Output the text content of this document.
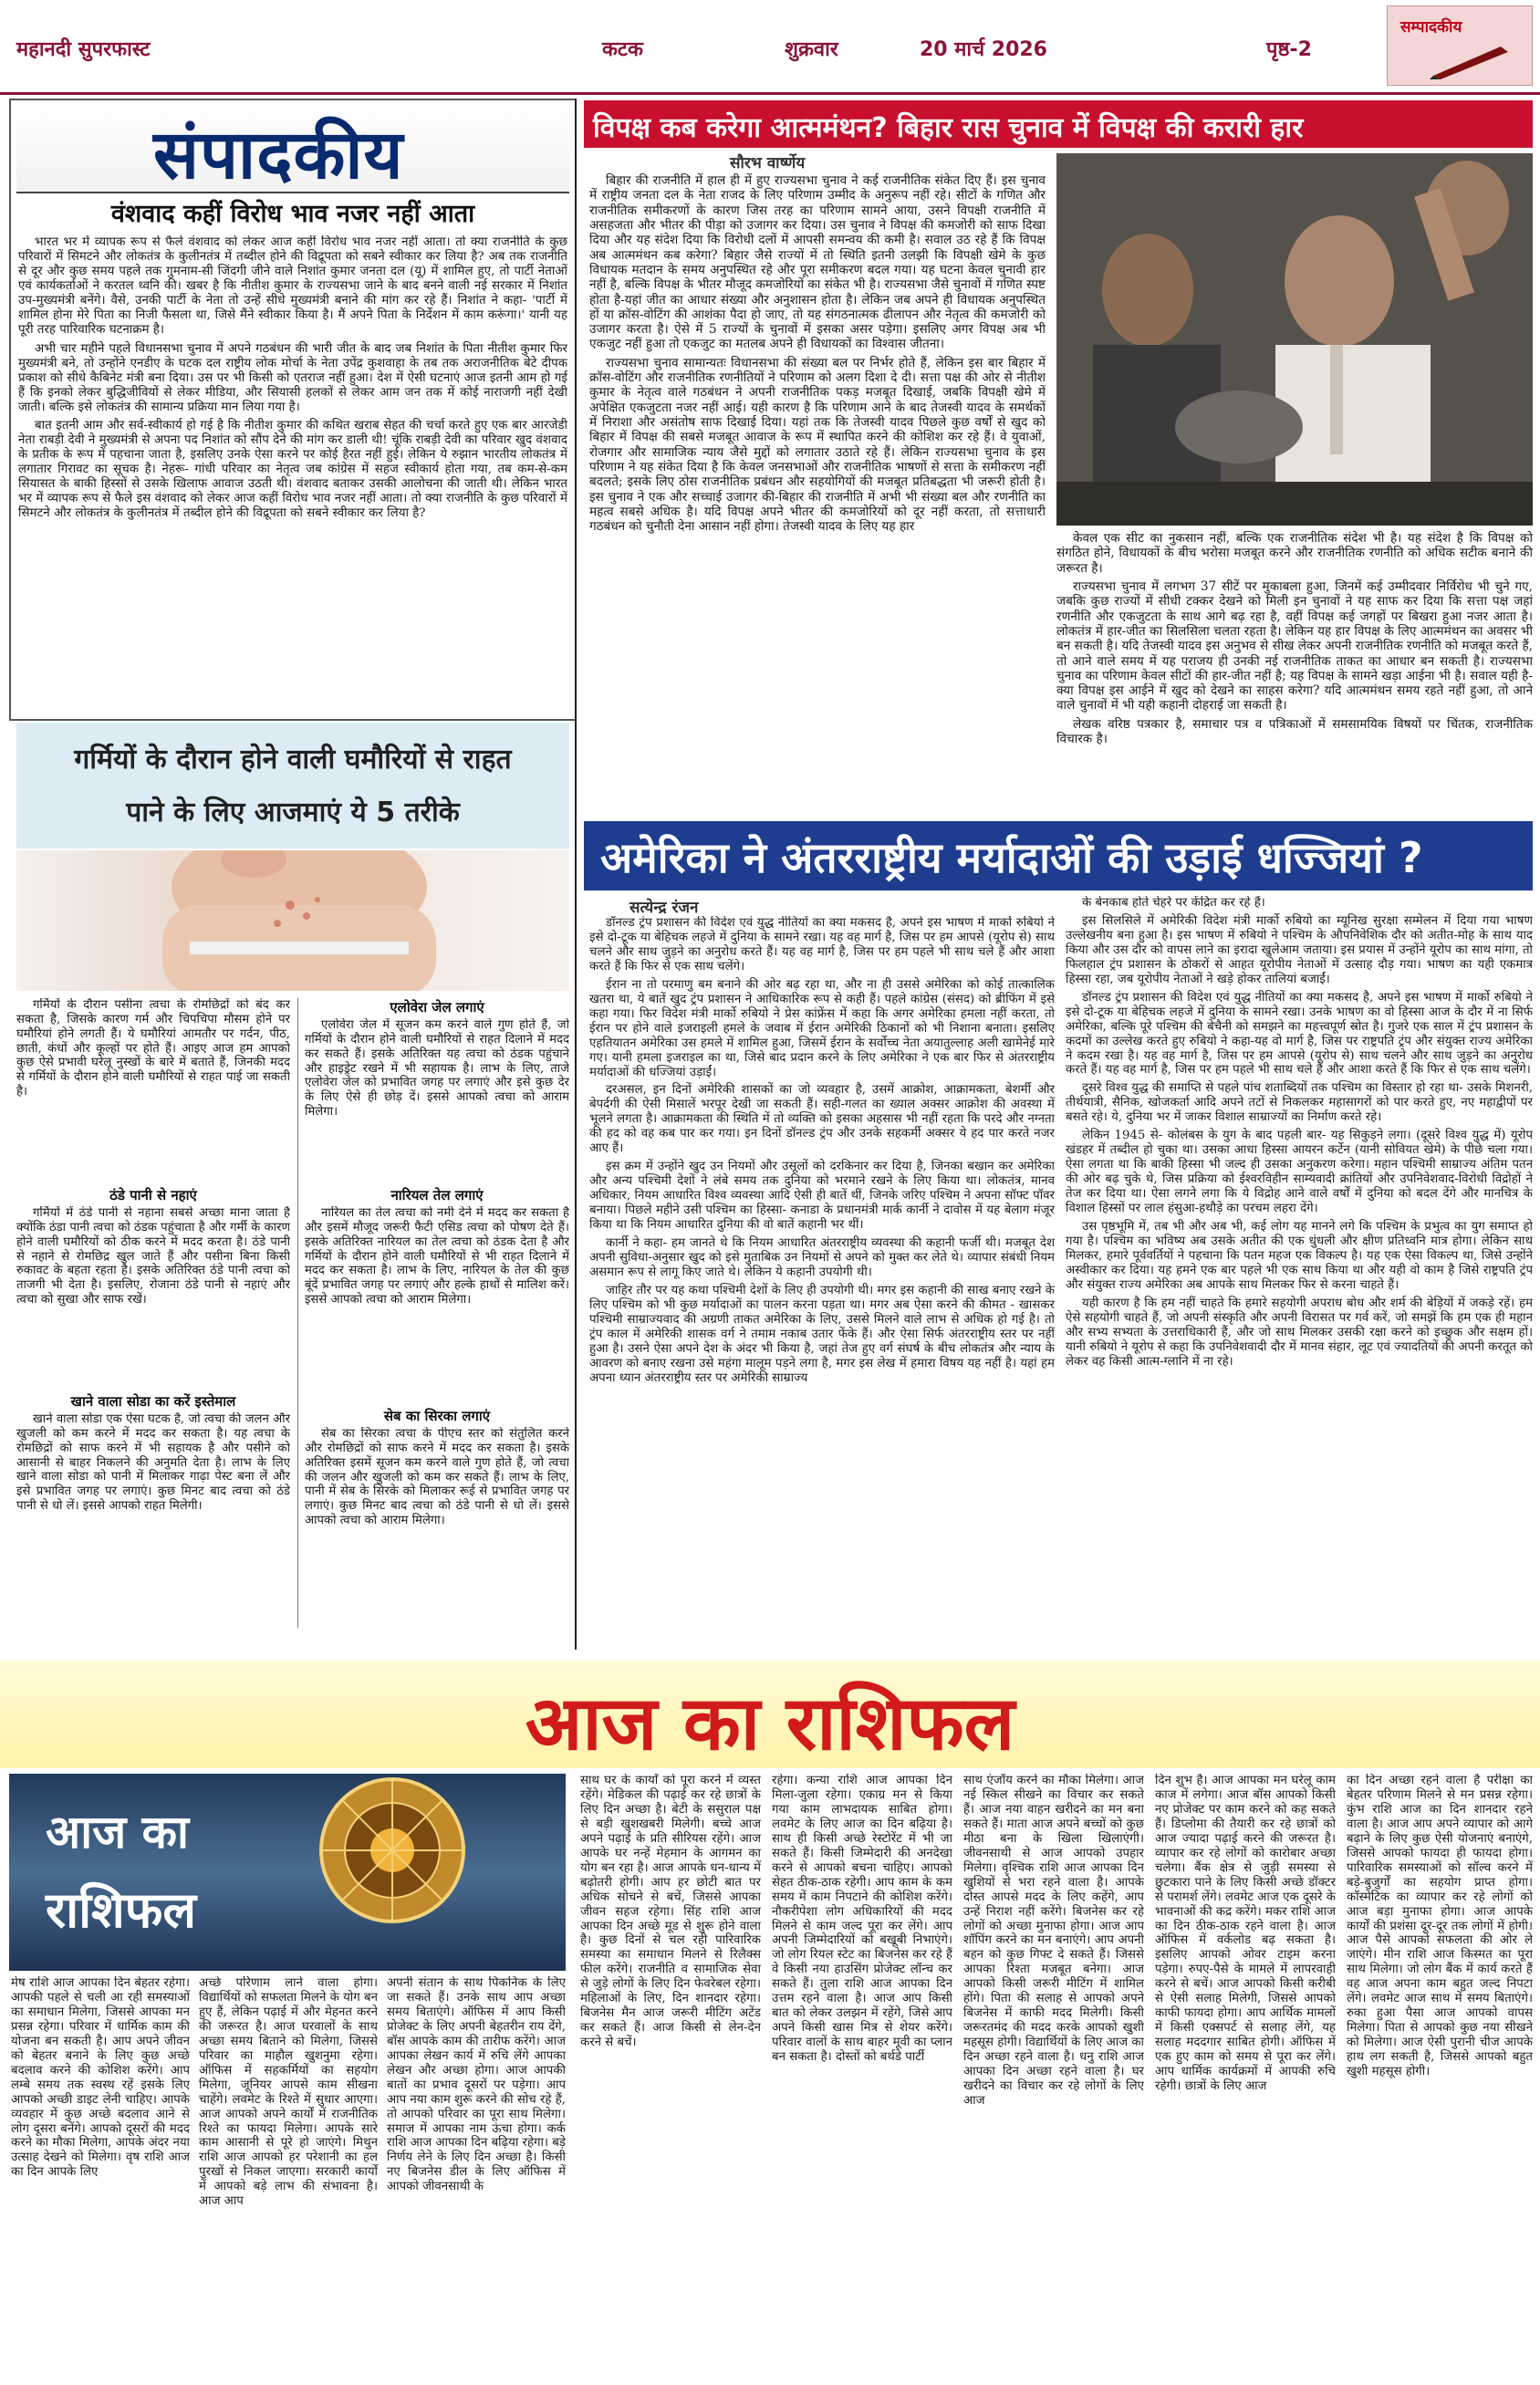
महानदी सुपरफास्ट	कटक	शुक्रवार	20 मार्च 2026	पृष्ठ-2
सम्पादकीय
संपादकीय
वंशवाद कहीं विरोध भाव नजर नहीं आता

भारत भर में व्यापक रूप से फैले वंशवाद को लेकर आज कहीं विरोध भाव नजर नहीं आता। तो क्या राजनीति के कुछ परिवारों में सिमटने और लोकतंत्र के कुलीनतंत्र में तब्दील होने की विद्रूपता को सबने स्वीकार कर लिया है? अब तक राजनीति से दूर और कुछ समय पहले तक गुमनाम-सी जिंदगी जीने वाले निशांत कुमार जनता दल (यू) में शामिल हुए, तो पार्टी नेताओं एवं कार्यकर्ताओं ने करतल ध्वनि की। खबर है कि नीतीश कुमार के राज्यसभा जाने के बाद बनने वाली नई सरकार में निशांत उप-मुख्यमंत्री बनेंगे। वैसे, उनकी पार्टी के नेता तो उन्हें सीधे मुख्यमंत्री बनाने की मांग कर रहे हैं। निशांत ने कहा- 'पार्टी में शामिल होना मेरे पिता का निजी फैसला था, जिसे मैंने स्वीकार किया है। मैं अपने पिता के निर्देशन में काम करूंगा।' यानी यह पूरी तरह पारिवारिक घटनाक्रम है।

अभी चार महीने पहले विधानसभा चुनाव में अपने गठबंधन की भारी जीत के बाद जब निशांत के पिता नीतीश कुमार फिर मुख्यमंत्री बने, तो उन्होंने एनडीए के घटक दल राष्ट्रीय लोक मोर्चा के नेता उपेंद्र कुशवाहा के तब तक अराजनीतिक बेटे दीपक प्रकाश को सीधे कैबिनेट मंत्री बना दिया। उस पर भी किसी को एतराज नहीं हुआ। देश में ऐसी घटनाएं आज इतनी आम हो गई हैं कि इनको लेकर बुद्धिजीवियों से लेकर मीडिया, और सियासी हलकों से लेकर आम जन तक में कोई नाराजगी नहीं देखी जाती। बल्कि इसे लोकतंत्र की सामान्य प्रक्रिया मान लिया गया है।

बात इतनी आम और सर्व-स्वीकार्य हो गई है कि नीतीश कुमार की कथित खराब सेहत की चर्चा करते हुए एक बार आरजेडी नेता राबड़ी देवी ने मुख्यमंत्री से अपना पद निशांत को सौंप देने की मांग कर डाली थी! चूंकि राबड़ी देवी का परिवार खुद वंशवाद के प्रतीक के रूप में पहचाना जाता है, इसलिए उनके ऐसा करने पर कोई हैरत नहीं हुई। लेकिन ये रुझान भारतीय लोकतंत्र में लगातार गिरावट का सूचक है। नेहरू- गांधी परिवार का नेतृत्व जब कांग्रेस में सहज स्वीकार्य होता गया, तब कम-से-कम सियासत के बाकी हिस्सों से उसके खिलाफ आवाज उठती थी। वंशवाद बताकर उसकी आलोचना की जाती थी। लेकिन भारत भर में व्यापक रूप से फैले इस वंशवाद को लेकर आज कहीं विरोध भाव नजर नहीं आता। तो क्या राजनीति के कुछ परिवारों में सिमटने और लोकतंत्र के कुलीनतंत्र में तब्दील होने की विद्रूपता को सबने स्वीकार कर लिया है?

विपक्ष कब करेगा आत्ममंथन? बिहार रास चुनाव में विपक्ष की करारी हार
सौरभ वार्ष्णेय

बिहार की राजनीति में हाल ही में हुए राज्यसभा चुनाव ने कई राजनीतिक संकेत दिए हैं। इस चुनाव में राष्ट्रीय जनता दल के नेता राजद के लिए परिणाम उम्मीद के अनुरूप नहीं रहे। सीटों के गणित और राजनीतिक समीकरणों के कारण जिस तरह का परिणाम सामने आया, उसने विपक्षी राजनीति में असहजता और भीतर की पीड़ा को उजागर कर दिया। उस चुनाव ने विपक्ष की कमजोरी को साफ दिखा दिया और यह संदेश दिया कि विरोधी दलों में आपसी समन्वय की कमी है। सवाल उठ रहे हैं कि विपक्ष अब आत्ममंथन कब करेगा? बिहार जैसे राज्यों में तो स्थिति इतनी उलझी कि विपक्षी खेमे के कुछ विधायक मतदान के समय अनुपस्थित रहे और पूरा समीकरण बदल गया। यह घटना केवल चुनावी हार नहीं है, बल्कि विपक्ष के भीतर मौजूद कमजोरियों का संकेत भी है। राज्यसभा जैसे चुनावों में गणित स्पष्ट होता है-यहां जीत का आधार संख्या और अनुशासन होता है। लेकिन जब अपने ही विधायक अनुपस्थित हों या क्रॉस-वोटिंग की आशंका पैदा हो जाए, तो यह संगठनात्मक ढीलापन और नेतृत्व की कमजोरी को उजागर करता है। ऐसे में 5 राज्यों के चुनावों में इसका असर पड़ेगा। इसलिए अगर विपक्ष अब भी एकजुट नहीं हुआ तो एकजुट का मतलब अपने ही विधायकों का विश्वास जीतना।

राज्यसभा चुनाव सामान्यतः विधानसभा की संख्या बल पर निर्भर होते हैं, लेकिन इस बार बिहार में क्रॉस-वोटिंग और राजनीतिक रणनीतियों ने परिणाम को अलग दिशा दे दी। सत्ता पक्ष की ओर से नीतीश कुमार के नेतृत्व वाले गठबंधन ने अपनी राजनीतिक पकड़ मजबूत दिखाई, जबकि विपक्षी खेमे में अपेक्षित एकजुटता नजर नहीं आई। यही कारण है कि परिणाम आने के बाद तेजस्वी यादव के समर्थकों में निराशा और असंतोष साफ दिखाई दिया। यहां तक कि तेजस्वी यादव पिछले कुछ वर्षों से खुद को बिहार में विपक्ष की सबसे मजबूत आवाज के रूप में स्थापित करने की कोशिश कर रहे हैं। वे युवाओं, रोजगार और सामाजिक न्याय जैसे मुद्दों को लगातार उठाते रहे हैं। लेकिन राज्यसभा चुनाव के इस परिणाम ने यह संकेत दिया है कि केवल जनसभाओं और राजनीतिक भाषणों से सत्ता के समीकरण नहीं बदलते; इसके लिए ठोस राजनीतिक प्रबंधन और सहयोगियों की मजबूत प्रतिबद्धता भी जरूरी होती है। इस चुनाव ने एक और सच्चाई उजागर की-बिहार की राजनीति में अभी भी संख्या बल और रणनीति का महत्व सबसे अधिक है। यदि विपक्ष अपने भीतर की कमजोरियों को दूर नहीं करता, तो सत्ताधारी गठबंधन को चुनौती देना आसान नहीं होगा। तेजस्वी यादव के लिए यह हार

केवल एक सीट का नुकसान नहीं, बल्कि एक राजनीतिक संदेश भी है। यह संदेश है कि विपक्ष को संगठित होने, विधायकों के बीच भरोसा मजबूत करने और राजनीतिक रणनीति को अधिक सटीक बनाने की जरूरत है।

राज्यसभा चुनाव में लगभग 37 सीटें पर मुकाबला हुआ, जिनमें कई उम्मीदवार निर्विरोध भी चुने गए, जबकि कुछ राज्यों में सीधी टक्कर देखने को मिली इन चुनावों ने यह साफ कर दिया कि सत्ता पक्ष जहां रणनीति और एकजुटता के साथ आगे बढ़ रहा है, वहीं विपक्ष कई जगहों पर बिखरा हुआ नजर आता है। लोकतंत्र में हार-जीत का सिलसिला चलता रहता है। लेकिन यह हार विपक्ष के लिए आत्ममंथन का अवसर भी बन सकती है। यदि तेजस्वी यादव इस अनुभव से सीख लेकर अपनी राजनीतिक रणनीति को मजबूत करते हैं, तो आने वाले समय में यह पराजय ही उनकी नई राजनीतिक ताकत का आधार बन सकती है। राज्यसभा चुनाव का परिणाम केवल सीटों की हार-जीत नहीं है; यह विपक्ष के सामने खड़ा आईना भी है। सवाल यही है-क्या विपक्ष इस आईने में खुद को देखने का साहस करेगा? यदि आत्ममंथन समय रहते नहीं हुआ, तो आने वाले चुनावों में भी यही कहानी दोहराई जा सकती है।

लेखक वरिष्ठ पत्रकार है, समाचार पत्र व पत्रिकाओं में समसामयिक विषयों पर चिंतक, राजनीतिक विचारक है।

गर्मियों के दौरान होने वाली घमौरियों से राहत
पाने के लिए आजमाएं ये 5 तरीके
गर्मियों के दौरान पसीना त्वचा के रोमछिद्रों को बंद कर सकता है, जिसके कारण गर्म और चिपचिपा मौसम होने पर घमौरियां होने लगती हैं। ये घमौरियां आमतौर पर गर्दन, पीठ, छाती, कंधों और कूल्हों पर होते हैं। आइए आज हम आपको कुछ ऐसे प्रभावी घरेलू नुस्खों के बारे में बताते हैं, जिनकी मदद से गर्मियों के दौरान होने वाली घमौरियों से राहत पाई जा सकती है।
ठंडे पानी से नहाएं
गर्मियों में ठंडे पानी से नहाना सबसे अच्छा माना जाता है क्योंकि ठंडा पानी त्वचा को ठंडक पहुंचाता है और गर्मी के कारण होने वाली घमौरियों को ठीक करने में मदद करता है। ठंडे पानी से नहाने से रोमछिद्र खुल जाते हैं और पसीना बिना किसी रुकावट के बहता रहता है। इसके अतिरिक्त ठंडे पानी त्वचा को ताजगी भी देता है। इसलिए, रोजाना ठंडे पानी से नहाएं और त्वचा को सुखा और साफ रखें।
खाने वाला सोडा का करें इस्तेमाल
खाने वाला सोडा एक ऐसा घटक है, जो त्वचा की जलन और खुजली को कम करने में मदद कर सकता है। यह त्वचा के रोमछिद्रों को साफ करने में भी सहायक है और पसीने को आसानी से बाहर निकलने की अनुमति देता है। लाभ के लिए खाने वाला सोडा को पानी में मिलाकर गाढ़ा पेस्ट बना लें और इसे प्रभावित जगह पर लगाएं। कुछ मिनट बाद त्वचा को ठंडे पानी से धो लें। इससे आपको राहत मिलेगी।
एलोवेरा जेल लगाएं
एलोवेरा जेल में सूजन कम करने वाले गुण होते हैं, जो गर्मियों के दौरान होने वाली घमौरियों से राहत दिलाने में मदद कर सकते हैं। इसके अतिरिक्त यह त्वचा को ठंडक पहुंचाने और हाइड्रेट रखने में भी सहायक है। लाभ के लिए, ताजे एलोवेरा जेल को प्रभावित जगह पर लगाएं और इसे कुछ देर के लिए ऐसे ही छोड़ दें। इससे आपको त्वचा को आराम मिलेगा।
नारियल तेल लगाएं
नारियल का तेल त्वचा को नमी देने में मदद कर सकता है और इसमें मौजूद जरूरी फैटी एसिड त्वचा को पोषण देते हैं। इसके अतिरिक्त नारियल का तेल त्वचा को ठंडक देता है और गर्मियों के दौरान होने वाली घमौरियों से भी राहत दिलाने में मदद कर सकता है। लाभ के लिए, नारियल के तेल की कुछ बूंदें प्रभावित जगह पर लगाएं और हल्के हाथों से मालिश करें। इससे आपको त्वचा को आराम मिलेगा।
सेब का सिरका लगाएं
सेब का सिरका त्वचा के पीएच स्तर को संतुलित करने और रोमछिद्रों को साफ करने में मदद कर सकता है। इसके अतिरिक्त इसमें सूजन कम करने वाले गुण होते हैं, जो त्वचा की जलन और खुजली को कम कर सकते हैं। लाभ के लिए, पानी में सेब के सिरके को मिलाकर रूई से प्रभावित जगह पर लगाएं। कुछ मिनट बाद त्वचा को ठंडे पानी से धो लें। इससे आपको त्वचा को आराम मिलेगा।
अमेरिका ने अंतरराष्ट्रीय मर्यादाओं की उड़ाई धज्जियां ?
सत्येन्द्र रंजन

डॉनल्ड ट्रंप प्रशासन की विदेश एवं युद्ध नीतियों का क्या मकसद है, अपने इस भाषण में मार्को रुबियो ने इसे दो-टूक या बेहिचक लहजे में दुनिया के सामने रखा। यह वह मार्ग है, जिस पर हम आपसे (यूरोप से) साथ चलने और साथ जुड़ने का अनुरोध करते हैं। यह वह मार्ग है, जिस पर हम पहले भी साथ चले हैं और आशा करते हैं कि फिर से एक साथ चलेंगे।

ईरान ना तो परमाणु बम बनाने की ओर बढ़ रहा था, और ना ही उससे अमेरिका को कोई तात्कालिक खतरा था, ये बातें खुद ट्रंप प्रशासन ने आधिकारिक रूप से कही हैं। पहले कांग्रेस (संसद) को ब्रीफिंग में इसे कहा गया। फिर विदेश मंत्री मार्को रुबियो ने प्रेस कांफ्रेंस में कहा कि अगर अमेरिका हमला नहीं करता, तो ईरान पर होने वाले इजराइली हमले के जवाब में ईरान अमेरिकी ठिकानों को भी निशाना बनाता। इसलिए एहतियातन अमेरिका उस हमले में शामिल हुआ, जिसमें ईरान के सर्वोच्च नेता अयातुल्लाह अली खामेनेई मारे गए। यानी हमला इजराइल का था, जिसे बाद प्रदान करने के लिए अमेरिका ने एक बार फिर से अंतरराष्ट्रीय मर्यादाओं की धज्जियां उड़ाईं।

दरअसल, इन दिनों अमेरिकी शासकों का जो व्यवहार है, उसमें आक्रोश, आक्रामकता, बेशर्मी और बेपर्दगी की ऐसी मिसालें भरपूर देखी जा सकती हैं। सही-गलत का ख्याल अक्सर आक्रोश की अवस्था में भूलने लगता है। आक्रामकता की स्थिति में तो व्यक्ति को इसका अहसास भी नहीं रहता कि परदे और नग्नता की हद को वह कब पार कर गया। इन दिनों डॉनल्ड ट्रंप और उनके सहकर्मी अक्सर ये हद पार करते नजर आए हैं।

इस क्रम में उन्होंने खुद उन नियमों और उसूलों को दरकिनार कर दिया है, जिनका बखान कर अमेरिका और अन्य पश्चिमी देशों ने लंबे समय तक दुनिया को भरमाने रखने के लिए किया था। लोकतंत्र, मानव अधिकार, नियम आधारित विश्व व्यवस्था आदि ऐसी ही बातें थीं, जिनके जरिए पश्चिम ने अपना सॉफ्ट पॉवर बनाया। पिछले महीने उसी पश्चिम का हिस्सा- कनाडा के प्रधानमंत्री मार्क कार्नी ने दावोस में यह बेलाग मंजूर किया था कि नियम आधारित दुनिया की वो बातें कहानी भर थीं।

कार्नी ने कहा- हम जानते थे कि नियम आधारित अंतरराष्ट्रीय व्यवस्था की कहानी फर्जी थी। मजबूत देश अपनी सुविधा-अनुसार खुद को इसे मुताबिक उन नियमों से अपने को मुक्त कर लेते थे। व्यापार संबंधी नियम असमान रूप से लागू किए जाते थे। लेकिन ये कहानी उपयोगी थी।

जाहिर तौर पर यह कथा पश्चिमी देशों के लिए ही उपयोगी थी। मगर इस कहानी की साख बनाए रखने के लिए पश्चिम को भी कुछ मर्यादाओं का पालन करना पड़ता था। मगर अब ऐसा करने की कीमत - खासकर पश्चिमी साम्राज्यवाद की अग्रणी ताकत अमेरिका के लिए, उससे मिलने वाले लाभ से अधिक हो गई है। तो ट्रंप काल में अमेरिकी शासक वर्ग ने तमाम नकाब उतार फेंके हैं। और ऐसा सिर्फ अंतरराष्ट्रीय स्तर पर नहीं हुआ है। उसने ऐसा अपने देश के अंदर भी किया है, जहां तेज हुए वर्ग संघर्ष के बीच लोकतंत्र और न्याय के आवरण को बनाए रखना उसे महंगा मालूम पड़ने लगा है, मगर इस लेख में हमारा विषय यह नहीं है। यहां हम अपना ध्यान अंतरराष्ट्रीय स्तर पर अमेरिकी साम्राज्य

के बेनकाब होते चेहरे पर केंद्रित कर रहे हैं।

इस सिलसिले में अमेरिकी विदेश मंत्री मार्को रुबियो का म्यूनिख सुरक्षा सम्मेलन में दिया गया भाषण उल्लेखनीय बना हुआ है। इस भाषण में रुबियो ने पश्चिम के औपनिवेशिक दौर को अतीत-मोह के साथ याद किया और उस दौर को वापस लाने का इरादा खुलेआम जताया। इस प्रयास में उन्होंने यूरोप का साथ मांगा, तो फिलहाल ट्रंप प्रशासन के ठोकरों से आहत यूरोपीय नेताओं में उत्साह दौड़ गया। भाषण का यही एकमात्र हिस्सा रहा, जब यूरोपीय नेताओं ने खड़े होकर तालियां बजाईं।

डॉनल्ड ट्रंप प्रशासन की विदेश एवं युद्ध नीतियों का क्या मकसद है, अपने इस भाषण में मार्को रुबियो ने इसे दो-टूक या बेहिचक लहजे में दुनिया के सामने रखा। उनके भाषण का वो हिस्सा आज के दौर में ना सिर्फ अमेरिका, बल्कि पूरे पश्चिम की बेचैनी को समझने का महत्त्वपूर्ण स्रोत है। गुजरे एक साल में ट्रंप प्रशासन के कदमों का उल्लेख करते हुए रुबियो ने कहा-यह वो मार्ग है, जिस पर राष्ट्रपति ट्रंप और संयुक्त राज्य अमेरिका ने कदम रखा है। यह वह मार्ग है, जिस पर हम आपसे (यूरोप से) साथ चलने और साथ जुड़ने का अनुरोध करते हैं। यह वह मार्ग है, जिस पर हम पहले भी साथ चले हैं और आशा करते हैं कि फिर से एक साथ चलेंगे।

दूसरे विश्व युद्ध की समाप्ति से पहले पांच शताब्दियों तक पश्चिम का विस्तार हो रहा था- उसके मिशनरी, तीर्थयात्री, सैनिक, खोजकर्ता आदि अपने तटों से निकलकर महासागरों को पार करते हुए, नए महाद्वीपों पर बसते रहे। ये, दुनिया भर में जाकर विशाल साम्राज्यों का निर्माण करते रहे।

लेकिन 1945 से- कोलंबस के युग के बाद पहली बार- यह सिकुड़ने लगा। (दूसरे विश्व युद्ध में) यूरोप खंडहर में तब्दील हो चुका था। उसका आधा हिस्सा आयरन कर्टेन (यानी सोवियत खेमे) के पीछे चला गया। ऐसा लगता था कि बाकी हिस्सा भी जल्द ही उसका अनुकरण करेगा। महान पश्चिमी साम्राज्य अंतिम पतन की ओर बढ़ चुके थे, जिस प्रक्रिया को ईश्वरविहीन साम्यवादी क्रांतियों और उपनिवेशवाद-विरोधी विद्रोहों ने तेज कर दिया था। ऐसा लगने लगा कि ये विद्रोह आने वाले वर्षों में दुनिया को बदल देंगे और मानचित्र के विशाल हिस्सों पर लाल हंसुआ-हथौड़े का परचम लहरा देंगे।

उस पृष्ठभूमि में, तब भी और अब भी, कई लोग यह मानने लगे कि पश्चिम के प्रभुत्व का युग समाप्त हो गया है। पश्चिम का भविष्य अब उसके अतीत की एक धुंधली और क्षीण प्रतिध्वनि मात्र होगा। लेकिन साथ मिलकर, हमारे पूर्ववर्तियों ने पहचाना कि पतन महज एक विकल्प है। यह एक ऐसा विकल्प था, जिसे उन्होंने अस्वीकार कर दिया। यह हमने एक बार पहले भी एक साथ किया था और यही वो काम है जिसे राष्ट्रपति ट्रंप और संयुक्त राज्य अमेरिका अब आपके साथ मिलकर फिर से करना चाहते हैं।

यही कारण है कि हम नहीं चाहते कि हमारे सहयोगी अपराध बोध और शर्म की बेड़ियों में जकड़े रहें। हम ऐसे सहयोगी चाहते हैं, जो अपनी संस्कृति और अपनी विरासत पर गर्व करें, जो समझें कि हम एक ही महान और सभ्य सभ्यता के उत्तराधिकारी हैं, और जो साथ मिलकर उसकी रक्षा करने को इच्छुक और सक्षम हों। यानी रुबियो ने यूरोप से कहा कि उपनिवेशवादी दौर में मानव संहार, लूट एवं ज्यादतियों की अपनी करतूत को लेकर वह किसी आत्म-ग्लानि में ना रहे।

आज का राशिफल
आज का
राशिफल
मेष राशि आज आपका दिन बेहतर रहेगा। आपकी पहले से चली आ रही समस्याओं का समाधान मिलेगा, जिससे आपका मन प्रसन्न रहेगा। परिवार में धार्मिक काम की योजना बन सकती है। आप अपने जीवन को बेहतर बनाने के लिए कुछ अच्छे बदलाव करने की कोशिश करेंगे। आप लम्बे समय तक स्वस्थ रहें इसके लिए आपको अच्छी डाइट लेनी चाहिए। आपके व्यवहार में कुछ अच्छे बदलाव आने से लोग दूसरा बनेंगे। आपको दूसरों की मदद करने का मौका मिलेगा, आपके अंदर नया उत्साह देखने को मिलेगा। वृष राशि आज का दिन आपके लिए
अच्छे परिणाम लाने वाला होगा। विद्यार्थियों को सफलता मिलने के योग बन हुए हैं, लेकिन पढ़ाई में और मेहनत करने की जरूरत है। आज घरवालों के साथ अच्छा समय बिताने को मिलेगा, जिससे परिवार का माहौल खुशनुमा रहेगा। ऑफिस में सहकर्मियों का सहयोग मिलेगा, जूनियर आपसे काम सीखना चाहेंगे। लवमेट के रिश्ते में सुधार आएगा। आज आपको अपने कार्यों में राजनीतिक रिश्ते का फायदा मिलेगा। आपके सारे काम आसानी से पूरे हो जाएंगे। मिथुन राशि आज आपको हर परेशानी का हल पुरखों से निकल जाएगा। सरकारी कार्यों में आपको बड़े लाभ की संभावना है। आज आप
अपनी संतान के साथ पिकनिक के लिए जा सकते हैं। उनके साथ आप अच्छा समय बिताएंगे। ऑफिस में आप किसी प्रोजेक्ट के लिए अपनी बेहतरीन राय देंगे, बॉस आपके काम की तारीफ करेंगे। आज आपका लेखन कार्य में रुचि लेंगे आपका लेखन और अच्छा होगा। आज आपकी बातों का प्रभाव दूसरों पर पड़ेगा। आप आप नया काम शुरू करने की सोच रहे हैं, तो आपको परिवार का पूरा साथ मिलेगा। समाज में आपका नाम ऊंचा होगा। कर्क राशि आज आपका दिन बढ़िया रहेगा। बड़े निर्णय लेने के लिए दिन अच्छा है। किसी नए बिजनेस डील के लिए ऑफिस में आपको जीवनसाथी के
साथ घर के कार्यों को पूरा करने में व्यस्त रहेंगे। मेडिकल की पढ़ाई कर रहे छात्रों के लिए दिन अच्छा है। बेटी के ससुराल पक्ष से बड़ी खुशखबरी मिलेगी। बच्चे आज अपने पढ़ाई के प्रति सीरियस रहेंगे। आज आपके घर नन्हें मेहमान के आगमन का योग बन रहा है। आज आपके धन-धान्य में बढ़ोतरी होगी। आप हर छोटी बात पर अधिक सोचने से बचें, जिससे आपका जीवन सहज रहेगा। सिंह राशि आज आपका दिन अच्छे मूड से शुरू होने वाला है। कुछ दिनों से चल रही पारिवारिक समस्या का समाधान मिलने से रिलैक्स फील करेंगे। राजनीति व सामाजिक सेवा से जुड़े लोगों के लिए दिन फेवरेबल रहेगा। महिलाओं के लिए, दिन शानदार रहेगा। बिजनेस मैन आज जरूरी मीटिंग अटेंड कर सकते हैं। आज किसी से लेन-देन करने से बचें।
रहेगा। कन्या राशि आज आपका दिन मिला-जुला रहेगा। एकाग्र मन से किया गया काम लाभदायक साबित होगा। लवमेट के लिए आज का दिन बढ़िया है। साथ ही किसी अच्छे रेस्टोरेंट में भी जा सकते हैं। किसी जिम्मेदारी की अनदेखा करने से आपको बचना चाहिए। आपको सेहत ठीक-ठाक रहेगी। आप काम के कम समय में काम निपटाने की कोशिश करेंगे। नौकरीपेशा लोग अधिकारियों की मदद मिलने से काम जल्द पूरा कर लेंगे। आप अपनी जिम्मेदारियों को बखूबी निभाएंगे। जो लोग रियल स्टेट का बिजनेस कर रहे हैं वे किसी नया हाउसिंग प्रोजेक्ट लॉन्च कर सकते हैं। तुला राशि आज आपका दिन उत्तम रहने वाला है। आज आप किसी बात को लेकर उलझन में रहेंगे, जिसे आप अपने किसी खास मित्र से शेयर करेंगे। परिवार वालों के साथ बाहर मूवी का प्लान बन सकता है। दोस्तों को बर्थडे पार्टी
साथ एंजॉय करने का मौका मिलेगा। आज नई स्किल सीखने का विचार कर सकते हैं। आज नया वाहन खरीदने का मन बना सकते हैं। माता आज अपने बच्चों को कुछ मीठा बना के खिला खिलाएंगी। जीवनसाथी से आज आपको उपहार मिलेगा। वृश्चिक राशि आज आपका दिन खुशियों से भरा रहने वाला है। आपके दोस्त आपसे मदद के लिए कहेंगे, आप उन्हें निराश नहीं करेंगे। बिजनेस कर रहे लोगों को अच्छा मुनाफा होगा। आज आप शॉपिंग करने का मन बनाएंगे। आप अपनी बहन को कुछ गिफ्ट दे सकते हैं। जिससे आपका रिश्ता मजबूत बनेगा। आज आपको किसी जरूरी मीटिंग में शामिल होंगे। पिता की सलाह से आपको अपने बिजनेस में काफी मदद मिलेगी। किसी जरूरतमंद की मदद करके आपको खुशी महसूस होगी। विद्यार्थियों के लिए आज का दिन अच्छा रहने वाला है। धनु राशि आज आपका दिन अच्छा रहने वाला है। घर खरीदने का विचार कर रहे लोगों के लिए आज
दिन शुभ है। आज आपका मन घरेलू काम काज में लगेगा। आज बॉस आपको किसी नए प्रोजेक्ट पर काम करने को कह सकते हैं। डिप्लोमा की तैयारी कर रहे छात्रों को आज ज्यादा पढ़ाई करने की जरूरत है। व्यापार कर रहे लोगों को कारोबार अच्छा चलेगा। बैंक क्षेत्र से जुड़ी समस्या से छुटकारा पाने के लिए किसी अच्छे डॉक्टर से परामर्श लेंगे। लवमेट आज एक दूसरे के भावनाओं की कद्र करेंगे। मकर राशि आज का दिन ठीक-ठाक रहने वाला है। आज ऑफिस में वर्कलोड बढ़ सकता है। इसलिए आपको ओवर टाइम करना पड़ेगा। रुपए-पैसे के मामले में लापरवाही करने से बचें। आज आपको किसी करीबी से ऐसी सलाह मिलेगी, जिससे आपको काफी फायदा होगा। आप आर्थिक मामलों में किसी एक्सपर्ट से सलाह लेंगे, यह सलाह मददगार साबित होगी। ऑफिस में एक हुए काम को समय से पूरा कर लेंगे। आप धार्मिक कार्यक्रमों में आपकी रुचि रहेगी। छात्रों के लिए आज
का दिन अच्छा रहने वाला है परीक्षा का बेहतर परिणाम मिलने से मन प्रसन्न रहेगा। कुंभ राशि आज का दिन शानदार रहने वाला है। आज आप अपने व्यापार को आगे बढ़ाने के लिए कुछ ऐसी योजनाएं बनाएंगे, जिससे आपको फायदा ही फायदा होगा। पारिवारिक समस्याओं को सॉल्व करने में बड़े-बुजुर्गों का सहयोग प्राप्त होगा। कॉस्मेटिक का व्यापार कर रहे लोगों को आज बड़ा मुनाफा होगा। आज आपके कार्यों की प्रशंसा दूर-दूर तक लोगों में होगी। आज पैसे आपको सफलता की ओर ले जाएंगे। मीन राशि आज किस्मत का पूरा साथ मिलेगा। जो लोग बैंक में कार्य करते हैं वह आज अपना काम बहुत जल्द निपटा लेंगे। लवमेट आज साथ में समय बिताएंगे। रुका हुआ पैसा आज आपको वापस मिलेगा। पिता से आपको कुछ नया सीखने को मिलेगा। आज ऐसी पुरानी चीज आपके हाथ लग सकती है, जिससे आपको बहुत खुशी महसूस होगी।
